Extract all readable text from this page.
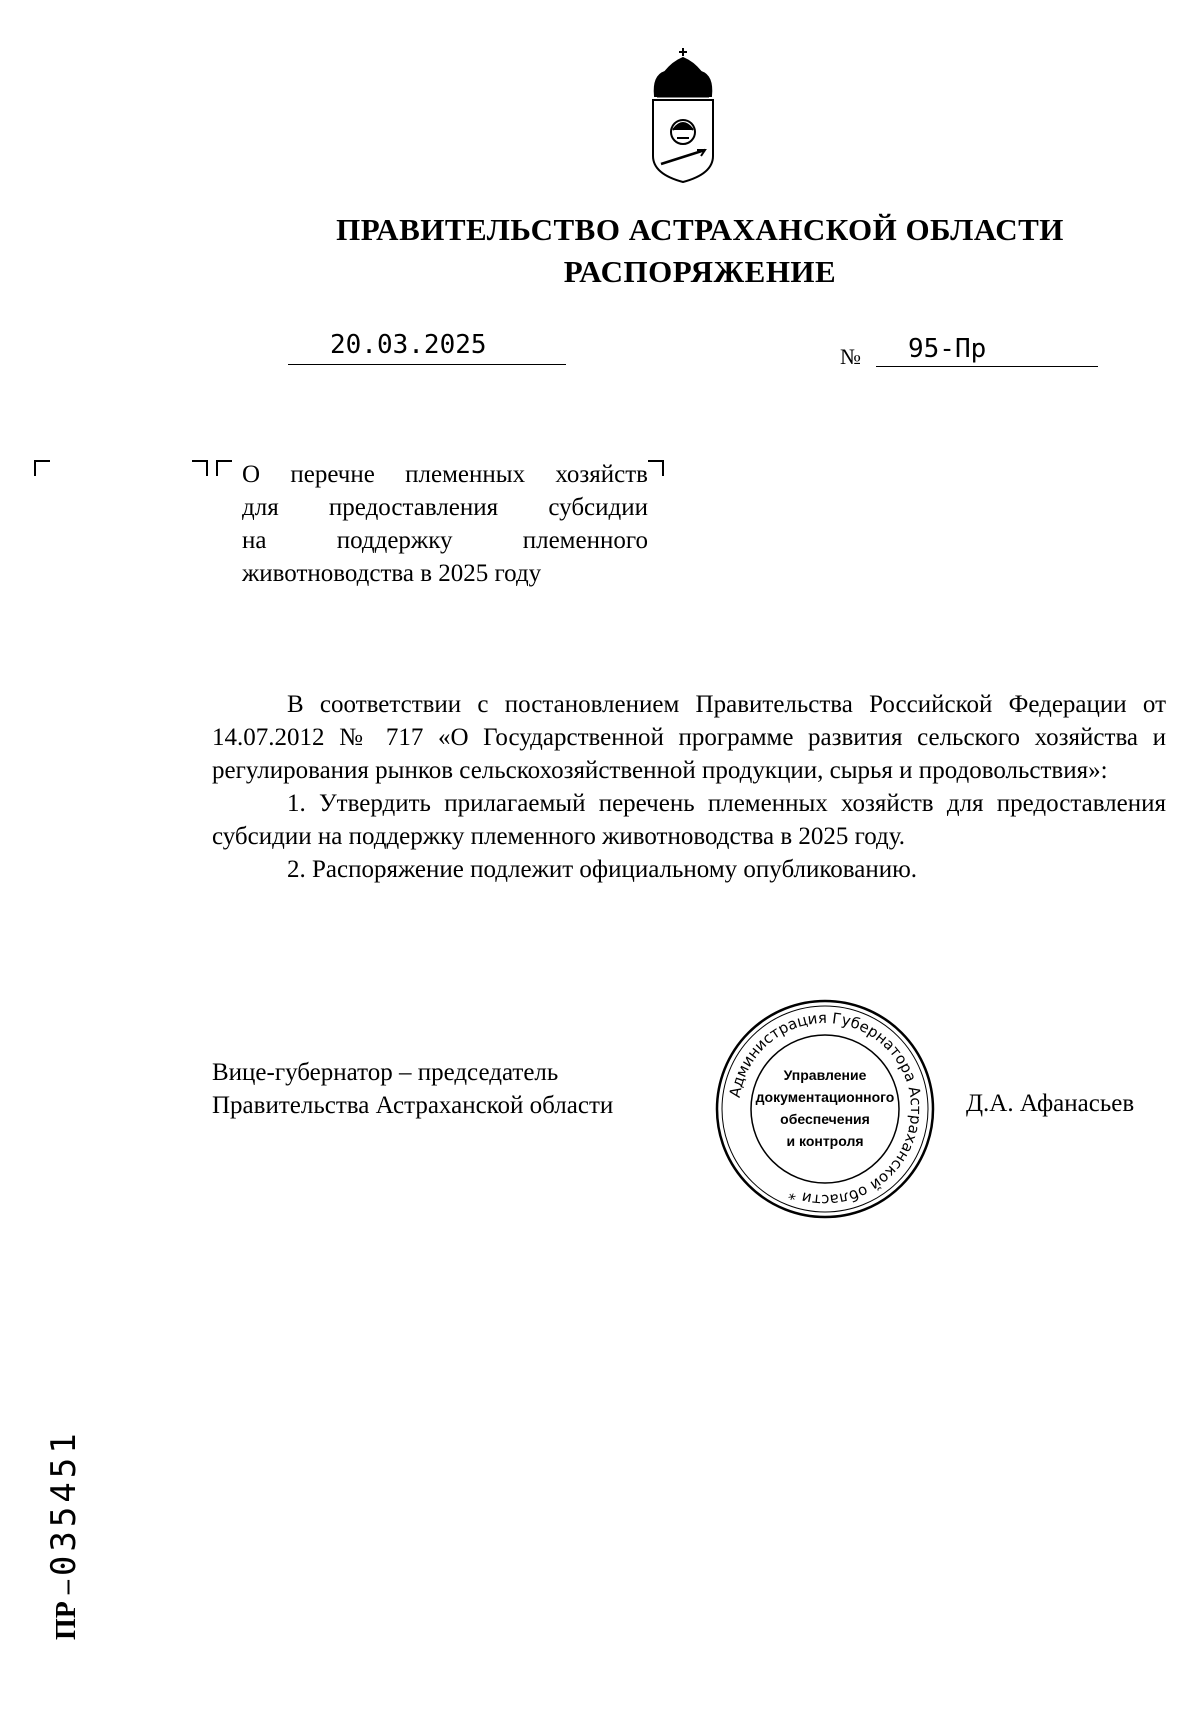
ПРАВИТЕЛЬСТВО АСТРАХАНСКОЙ ОБЛАСТИ
РАСПОРЯЖЕНИЕ
20.03.2025	№ 95-Пр
О перечне племенных хозяйств
для предоставления субсидии
на поддержку племенного
животноводства в 2025 году

В соответствии с постановлением Правительства Российской Федерации от 14.07.2012 № 717 «О Государственной программе развития сельского хозяйства и регулирования рынков сельскохозяйственной продукции, сырья и продовольствия»:

1. Утвердить прилагаемый перечень племенных хозяйств для предоставления субсидии на поддержку племенного животноводства в 2025 году.

2. Распоряжение подлежит официальному опубликованию.

Вице-губернатор – председатель
Правительства Астраханской области	Д.А. Афанасьев
Администрация Губернатора Астраханской области *
Управление
документационного
обеспечения
и контроля
ПР – 035451
